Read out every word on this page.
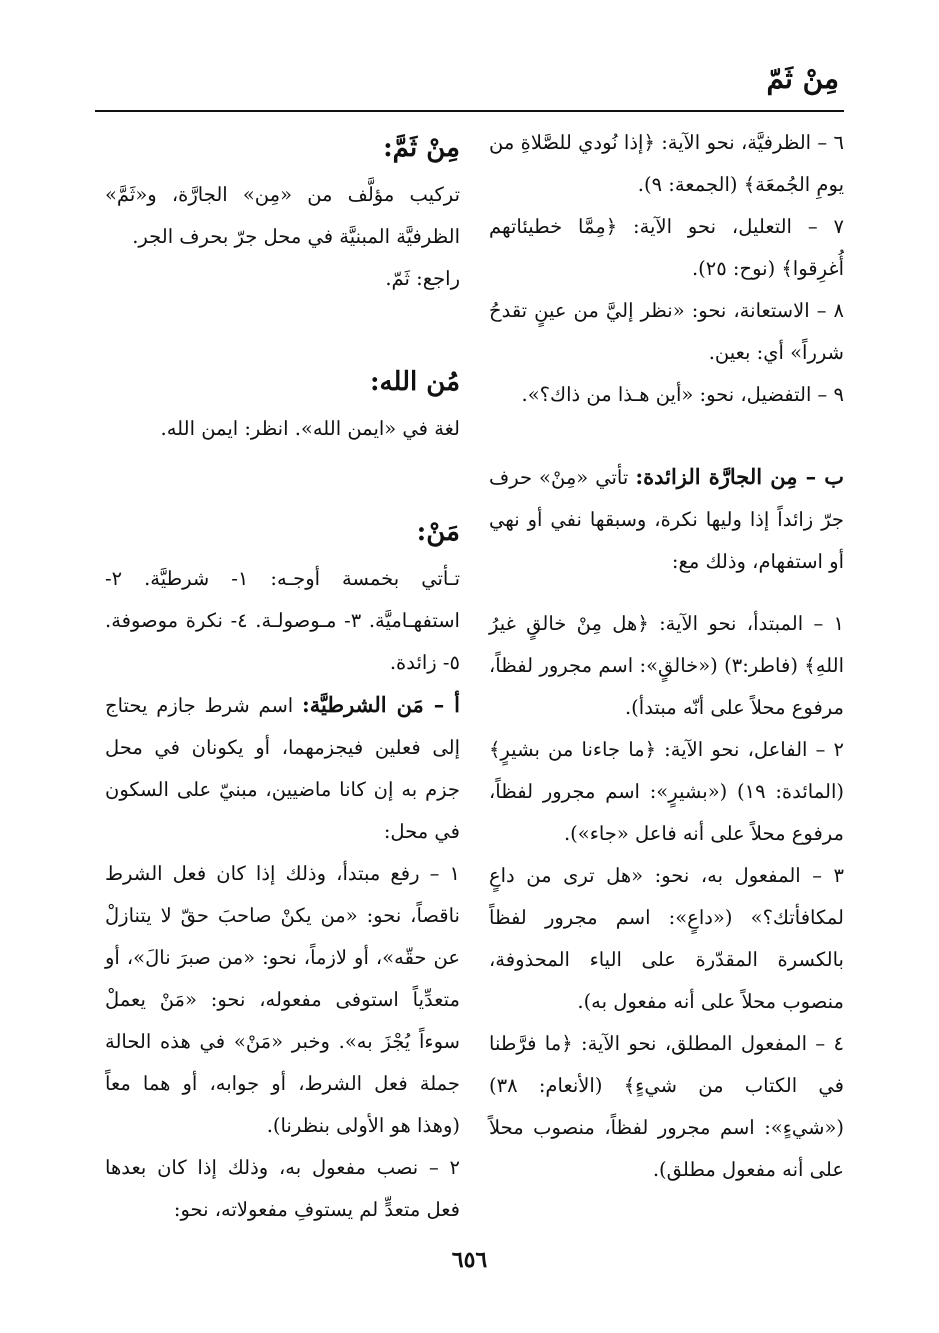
مِنْ ثَمّ

٦ – الظرفيَّة، نحو الآية: ﴿إذا نُودي للصَّلاةِ من يومِ الجُمعَة﴾ (الجمعة: ٩).

٧ – التعليل، نحو الآية: ﴿مِمَّا خطيئاتهم أُغرِقوا﴾ (نوح: ٢٥).

٨ – الاستعانة، نحو: «نظر إليَّ من عينٍ تقدحُ شرراً» أي: بعين.

٩ – التفضيل، نحو: «أين هـذا من ذاك؟».

ب – مِن الجارَّة الزائدة: تأتي «مِنْ» حرف جرّ زائداً إذا وليها نكرة، وسبقها نفي أو نهي أو استفهام، وذلك مع:

١ – المبتدأ، نحو الآية: ﴿هل مِنْ خالقٍ غيرُ اللهِ﴾ (فاطر:٣) («خالقٍ»: اسم مجرور لفظاً، مرفوع محلاً على أنّه مبتدأ).

٢ – الفاعل، نحو الآية: ﴿ما جاءنا من بشيرٍ﴾ (المائدة: ١٩) («بشيرٍ»: اسم مجرور لفظاً، مرفوع محلاً على أنه فاعل «جاء»).

٣ – المفعول به، نحو: «هل ترى من داعٍ لمكافأتك؟» («داعٍ»: اسم مجرور لفظاً بالكسرة المقدّرة على الياء المحذوفة، منصوب محلاً على أنه مفعول به).

٤ – المفعول المطلق، نحو الآية: ﴿ما فرَّطنا في الكتاب من شيءٍ﴾ (الأنعام: ٣٨) («شيءٍ»: اسم مجرور لفظاً، منصوب محلاً على أنه مفعول مطلق).

مِنْ ثَمَّ:

تركيب مؤلَّف من «مِن» الجارَّة، و«ثَمَّ» الظرفيَّة المبنيَّة في محل جرّ بحرف الجر.

راجع: ثَمّ.

مُن الله:

لغة في «ايمن الله». انظر: ايمن الله.

مَنْ:

تـأتي بخمسة أوجـه: ١- شرطيَّة. ٢- استفهـاميَّة. ٣- مـوصولـة. ٤- نكرة موصوفة. ٥- زائدة.

أ – مَن الشرطيَّة: اسم شرط جازم يحتاج إلى فعلين فيجزمهما، أو يكونان في محل جزم به إن كانا ماضيين، مبنيّ على السكون في محل:

١ – رفع مبتدأ، وذلك إذا كان فعل الشرط ناقصاً، نحو: «من يكنْ صاحبَ حقّ لا يتنازلْ عن حقّه»، أو لازماً، نحو: «من صبرَ نالَ»، أو متعدِّياً استوفى مفعوله، نحو: «مَنْ يعملْ سوءاً يُجْزَ به». وخبر «مَنْ» في هذه الحالة جملة فعل الشرط، أو جوابه، أو هما معاً (وهذا هو الأولى بنظرنا).

٢ – نصب مفعول به، وذلك إذا كان بعدها فعل متعدٍّ لم يستوفِ مفعولاته، نحو:

٦٥٦
